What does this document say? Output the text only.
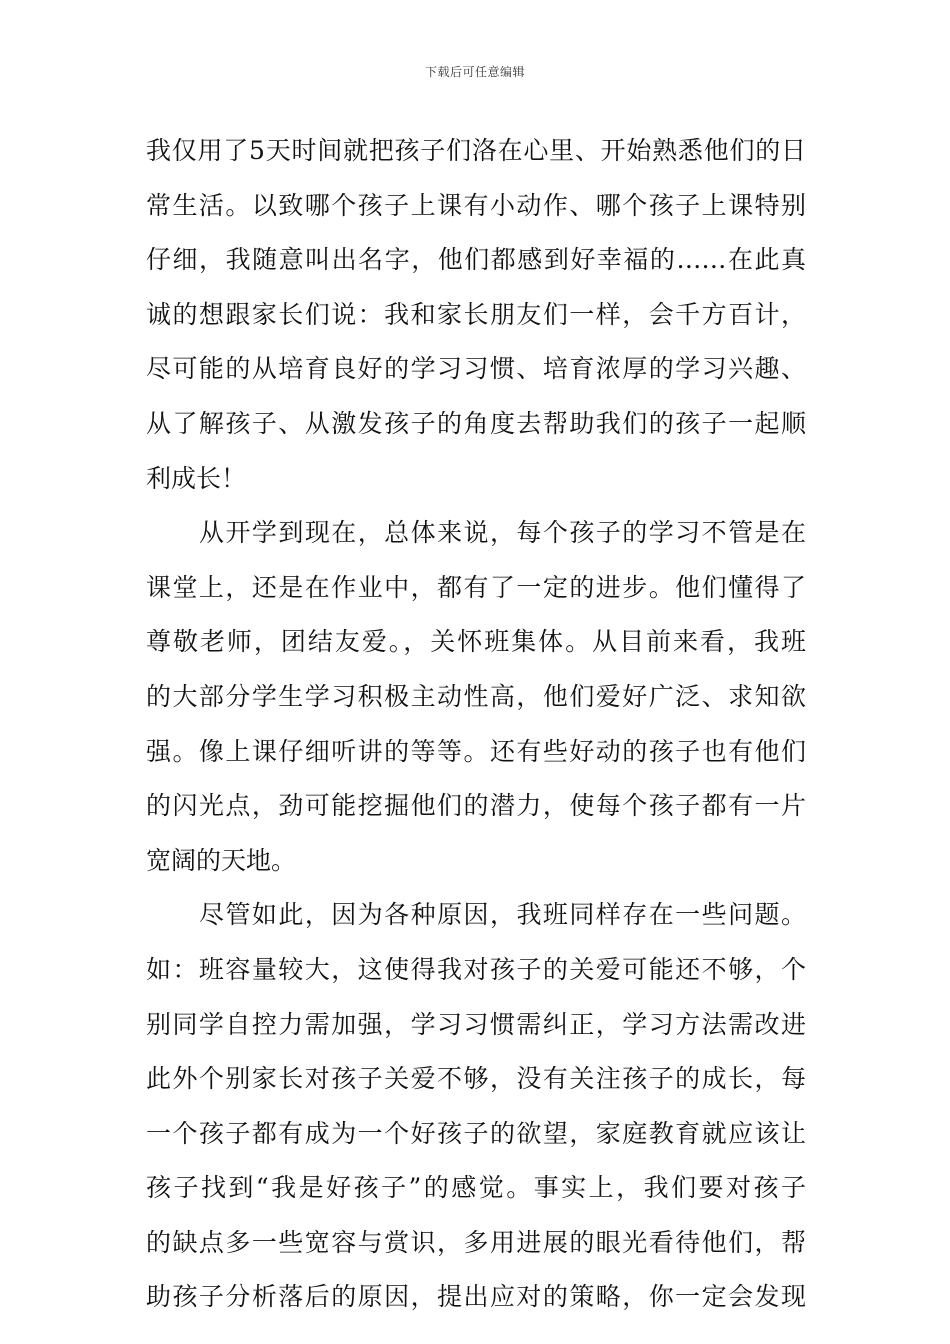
下载后可任意编辑
我仅用了5天时间就把孩子们洛在心里、开始熟悉他们的日
常生活。以致哪个孩子上课有小动作、哪个孩子上课特别
仔细，我随意叫出名字，他们都感到好幸福的……在此真
诚的想跟家长们说：我和家长朋友们一样，会千方百计，
尽可能的从培育良好的学习习惯、培育浓厚的学习兴趣、
从了解孩子、从激发孩子的角度去帮助我们的孩子一起顺
利成长！
从开学到现在，总体来说，每个孩子的学习不管是在
课堂上，还是在作业中，都有了一定的进步。他们懂得了
尊敬老师，团结友爱。，关怀班集体。从目前来看，我班
的大部分学生学习积极主动性高，他们爱好广泛、求知欲
强。像上课仔细听讲的等等。还有些好动的孩子也有他们
的闪光点，劲可能挖掘他们的潜力，使每个孩子都有一片
宽阔的天地。
尽管如此，因为各种原因，我班同样存在一些问题。
如：班容量较大，这使得我对孩子的关爱可能还不够，个
别同学自控力需加强，学习习惯需纠正，学习方法需改进
此外个别家长对孩子关爱不够，没有关注孩子的成长，每
一个孩子都有成为一个好孩子的欲望，家庭教育就应该让
孩子找到“我是好孩子”的感觉。事实上，我们要对孩子
的缺点多一些宽容与赏识，多用进展的眼光看待他们，帮
助孩子分析落后的原因，提出应对的策略，你一定会发现
